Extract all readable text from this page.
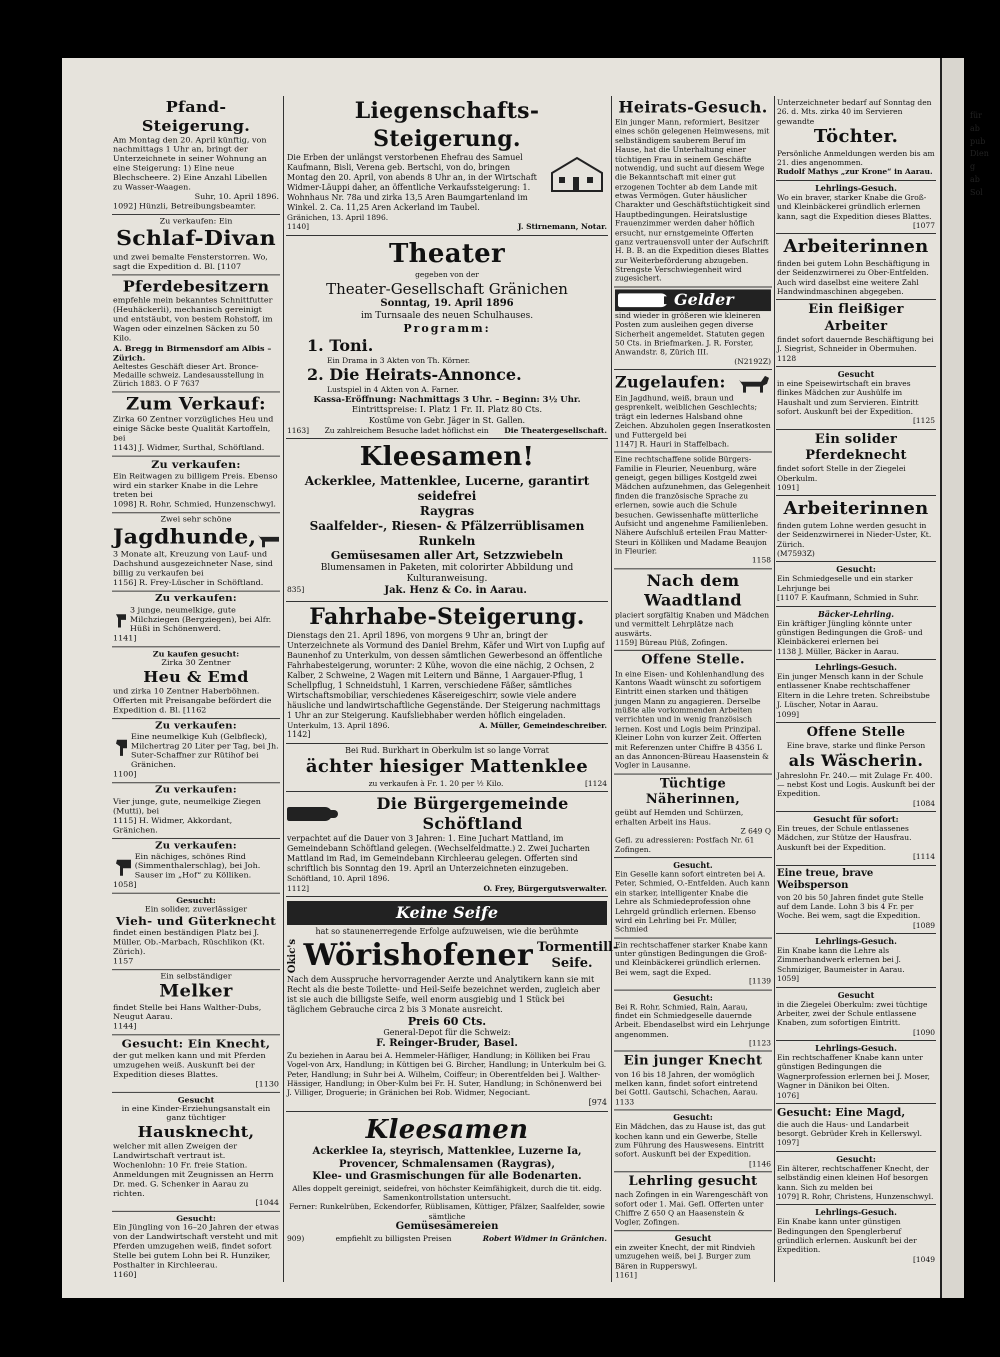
für
ab
pub
Dien
g
ab
Sol
Pfand-Steigerung.
Am Montag den 20. April künftig, von nachmittags 1 Uhr an, bringt der Unterzeichnete in seiner Wohnung an eine Steigerung: 1) Eine neue Blechscheere. 2) Eine Anzahl Libellen zu Wasser-Waagen.
Suhr, 10. April 1896.
1092] Hünzli, Betreibungsbeamter.
Zu verkaufen: Ein
Schlaf-Divan
und zwei bemalte Fensterstorren. Wo, sagt die Expedition d. Bl. [1107
Pferdebesitzern
empfehle mein bekanntes Schnittfutter (Heuhäckerli), mechanisch gereinigt und entstäubt, von bestem Rohstoff, im Wagen oder einzelnen Säcken zu 50 Kilo.
A. Bregg in Birmensdorf am Albis – Zürich.
Aeltestes Geschäft dieser Art. Bronce-Medaille schweiz. Landesausstellung in Zürich 1883. O F 7637
Zum Verkauf:
Zirka 60 Zentner vorzügliches Heu und einige Säcke beste Qualität Kartoffeln, bei
1143] J. Widmer, Surthal, Schöftland.
Zu verkaufen:
Ein Reitwagen zu billigem Preis. Ebenso wird ein starker Knabe in die Lehre treten bei
1098] R. Rohr, Schmied, Hunzenschwyl.
Zwei sehr schöne
Jagdhunde,
3 Monate alt, Kreuzung von Lauf- und Dachshund ausgezeichneter Nase, sind billig zu verkaufen bei
1156] R. Frey-Lüscher in Schöftland.
Zu verkaufen:
3 junge, neumelkige, gute Milchziegen (Bergziegen), bei Alfr. Hüßi in Schönenwerd.
1141]
Zu kaufen gesucht:
Zirka 30 Zentner
Heu & Emd
und zirka 10 Zentner Haberböhnen. Offerten mit Preisangabe befördert die Expedition d. Bl. [1162
Zu verkaufen:
Eine neumelkige Kuh (Gelbfleck), Milchertrag 20 Liter per Tag, bei Jh. Suter-Schaffner zur Rütihof bei Gränichen.
1100]
Zu verkaufen:
Vier junge, gute, neumelkige Ziegen (Mutti), bei
1115] H. Widmer, Akkordant, Gränichen.
Zu verkaufen:
Ein nächiges, schönes Rind (Simmenthalerschlag), bei Joh. Sauser im „Hof“ zu Kölliken.
1058]
Gesucht:
Ein solider, zuverlässiger
Vieh- und Güterknecht
findet einen beständigen Platz bei J. Müller, Ob.-Marbach, Rüschlikon (Kt. Zürich).
1157
Ein selbständiger
Melker
findet Stelle bei Hans Walther-Dubs, Neugut Aarau.
1144]
Gesucht: Ein Knecht,
der gut melken kann und mit Pferden umzugehen weiß. Auskunft bei der Expedition dieses Blattes.
[1130
Gesucht
in eine Kinder-Erziehungsanstalt ein ganz tüchtiger
Hausknecht,
welcher mit allen Zweigen der Landwirtschaft vertraut ist. Wochenlohn: 10 Fr. freie Station. Anmeldungen mit Zeugnissen an Herrn Dr. med. G. Schenker in Aarau zu richten.
[1044
Gesucht:
Ein Jüngling von 16–20 Jahren der etwas von der Landwirtschaft versteht und mit Pferden umzugehen weiß, findet sofort Stelle bei gutem Lohn bei R. Hunziker, Posthalter in Kirchleerau.
1160]
Liegenschafts-Steigerung.
Die Erben der unlängst verstorbenen Ehefrau des Samuel Kaufmann, Bisli, Verena geb. Bertschi, von do, bringen Montag den 20. April, von abends 8 Uhr an, in der Wirtschaft Widmer-Läuppi daher, an öffentliche Verkaufssteigerung: 1. Wohnhaus Nr. 78a und zirka 13,5 Aren Baumgartenland im Winkel. 2. Ca. 11,25 Aren Ackerland im Taubel.
Gränichen, 13. April 1896.
1140]	J. Stirnemann, Notar.
Theater
gegeben von der
Theater-Gesellschaft Gränichen
Sonntag, 19. April 1896
im Turnsaale des neuen Schulhauses.
Programm:
1. Toni.
Ein Drama in 3 Akten von Th. Körner.
2. Die Heirats-Annonce.
Lustspiel in 4 Akten von A. Farner.
Kassa-Eröffnung: Nachmittags 3 Uhr. – Beginn: 3½ Uhr.
Eintrittspreise: I. Platz 1 Fr. II. Platz 80 Cts.
Kostüme von Gebr. Jäger in St. Gallen.
1163] Zu zahlreichem Besuche ladet höflichst ein Die Theatergesellschaft.
Kleesamen!
Ackerklee, Mattenklee, Lucerne, garantirt seidefrei
Raygras
Saalfelder-, Riesen- & Pfälzerrüblisamen
Runkeln
Gemüsesamen aller Art, Setzzwiebeln
Blumensamen in Paketen, mit colorirter Abbildung und Kulturanweisung.
835]	Jak. Henz & Co. in Aarau.
Fahrhabe-Steigerung.
Dienstags den 21. April 1896, von morgens 9 Uhr an, bringt der Unterzeichnete als Vormund des Daniel Brehm, Käfer und Wirt von Lupfig auf Baunenhof zu Unterkulm, von dessen sämtlichen Gewerbesond an öffentliche Fahrhabesteigerung, worunter: 2 Kühe, wovon die eine nächig, 2 Ochsen, 2 Kalber, 2 Schweine, 2 Wagen mit Leitern und Bänne, 1 Aargauer-Pflug, 1 Schellpflug, 1 Schneidstuhl, 1 Karren, verschiedene Fäßer, sämtliches Wirtschaftsmobiliar, verschiedenes Käsereigeschirr, sowie viele andere häusliche und landwirtschaftliche Gegenstände. Der Steigerung nachmittags 1 Uhr an zur Steigerung. Kaufsliebhaber werden höflich eingeladen.
Unterkulm, 13. April 1896.	A. Müller, Gemeindeschreiber.
1142]
Bei Rud. Burkhart in Oberkulm ist so lange Vorrat
ächter hiesiger Mattenklee
zu verkaufen à Fr. 1. 20 per ½ Kilo.	[1124
Die Bürgergemeinde Schöftland
verpachtet auf die Dauer von 3 Jahren: 1. Eine Juchart Mattland, im Gemeindebann Schöftland gelegen. (Wechselfeldmatte.) 2. Zwei Jucharten Mattland im Rad, im Gemeindebann Kirchleerau gelegen. Offerten sind schriftlich bis Sonntag den 19. April an Unterzeichneten einzugeben.
Schöftland, 10. April 1896.
1112]	O. Frey, Bürgergutsverwalter.
Keine Seife
hat so staunenerregende Erfolge aufzuweisen, wie die berühmte
Okic's Wörishofener Tormentill-Seife.
Nach dem Ausspruche hervorragender Aerzte und Analytikern kann sie mit Recht als die beste Toilette- und Heil-Seife bezeichnet werden, zugleich aber ist sie auch die billigste Seife, weil enorm ausgiebig und 1 Stück bei täglichem Gebrauche circa 2 bis 3 Monate ausreicht.
Preis 60 Cts.
General-Depot für die Schweiz:
F. Reinger-Bruder, Basel.
Zu beziehen in Aarau bei A. Hemmeler-Häfliger, Handlung; in Kölliken bei Frau Vogel-von Arx, Handlung; in Küttigen bei G. Bircher, Handlung; in Unterkulm bei G. Peter, Handlung; in Suhr bei A. Wilhelm, Coiffeur; in Oberentfelden bei J. Walther-Hässiger, Handlung; in Ober-Kulm bei Fr. H. Suter, Handlung; in Schönenwerd bei J. Villiger, Droguerie; in Gränichen bei Rob. Widmer, Negociant.
[974
Kleesamen
Ackerklee Ia, steyrisch, Mattenklee, Luzerne Ia,
Provencer, Schmalensamen (Raygras),
Klee- und Grasmischungen für alle Bodenarten.
Alles doppelt gereinigt, seidefrei, von höchster Keimfähigkeit, durch die tit. eidg. Samenkontrollstation untersucht.
Ferner: Runkelrüben, Eckendorfer, Rüblisamen, Küttiger, Pfälzer, Saalfelder, sowie sämtliche
Gemüsesämereien
909)	empfiehlt zu billigsten Preisen	Robert Widmer in Gränichen.
Heirats-Gesuch.
Ein junger Mann, reformiert, Besitzer eines schön gelegenen Heimwesens, mit selbständigem sauberem Beruf im Hause, hat die Unterhaltung einer tüchtigen Frau in seinem Geschäfte notwendig, und sucht auf diesem Wege die Bekanntschaft mit einer gut erzogenen Tochter ab dem Lande mit etwas Vermögen. Guter häuslicher Charakter und Geschäftstüchtigkeit sind Hauptbedingungen. Heiratslustige Frauenzimmer werden daher höflich ersucht, nur ernstgemeinte Offerten ganz vertrauensvoll unter der Aufschrift H. B. B. an die Expedition dieses Blattes zur Weiterbeförderung abzugeben. Strengste Verschwiegenheit wird zugesichert.
Gelder
sind wieder in größeren wie kleineren Posten zum ausleihen gegen diverse Sicherheit angemeldet. Statuten gegen 50 Cts. in Briefmarken. J. R. Forster, Anwandstr. 8, Zürich III.
(N2192Z)
Zugelaufen:
Ein Jagdhund, weiß, braun und gesprenkelt, weiblichen Geschlechts; trägt ein ledernes Halsband ohne Zeichen. Abzuholen gegen Inseratkosten und Futtergeld bei
1147] R. Hauri in Staffelbach.
Eine rechtschaffene solide Bürgers-Familie in Fleurier, Neuenburg, wäre geneigt, gegen billiges Kostgeld zwei Mädchen aufzunehmen, das Gelegenheit finden die französische Sprache zu erlernen, sowie auch die Schule besuchen. Gewissenhafte mütterliche Aufsicht und angenehme Familienleben. Nähere Aufschluß erteilen Frau Matter-Steuri in Kölliken und Madame Beaujon in Fleurier.
1158
Nach dem Waadtland
placiert sorgfältig Knaben und Mädchen und vermittelt Lehrplätze nach auswärts.
1159] Büreau Plüß, Zofingen.
Offene Stelle.
In eine Eisen- und Kohlenhandlung des Kantons Waadt wünscht zu sofortigem Eintritt einen starken und thätigen jungen Mann zu angagieren. Derselbe müßte alle vorkommenden Arbeiten verrichten und in wenig französisch lernen. Kost und Logis beim Prinzipal. Kleiner Lohn von kurzer Zeit. Offerten mit Referenzen unter Chiffre B 4356 L an das Annoncen-Büreau Haasenstein & Vogler in Lausanne.
Tüchtige Näherinnen,
geübt auf Hemden und Schürzen, erhalten Arbeit ins Haus.
Z 649 Q
Gefl. zu adressieren: Postfach Nr. 61 Zofingen.
Gesucht.
Ein Geselle kann sofort eintreten bei A. Peter, Schmied, O.-Entfelden. Auch kann ein starker, intelligenter Knabe die Lehre als Schmiedeprofession ohne Lehrgeld gründlich erlernen. Ebenso wird ein Lehrling bei Fr. Müller, Schmied
Ein rechtschaffener starker Knabe kann unter günstigen Bedingungen die Groß- und Kleinbäckerei gründlich erlernen. Bei wem, sagt die Exped.
[1139
Gesucht:
Bei R. Rohr, Schmied, Rain, Aarau, findet ein Schmiedgeselle dauernde Arbeit. Ebendaselbst wird ein Lehrjunge angenommen.
[1123
Ein junger Knecht
von 16 bis 18 Jahren, der womöglich melken kann, findet sofort eintretend bei Gottl. Gautschi, Schachen, Aarau.
1133
Gesucht:
Ein Mädchen, das zu Hause ist, das gut kochen kann und ein Gewerbe, Stelle zum Führung des Hauswesens. Eintritt sofort. Auskunft bei der Expedition.
[1146
Lehrling gesucht
nach Zofingen in ein Warengeschäft von sofort oder 1. Mai. Gefl. Offerten unter Chiffre Z 650 Q an Haasenstein & Vogler, Zofingen.
Gesucht
ein zweiter Knecht, der mit Rindvieh umzugehen weiß, bei J. Burger zum Bären in Rupperswyl.
1161]
Unterzeichneter bedarf auf Sonntag den 26. d. Mts. zirka 40 im Servieren gewandte
Töchter.
Persönliche Anmeldungen werden bis am 21. dies angenommen.
Rudolf Mathys „zur Krone“ in Aarau.
Lehrlings-Gesuch.
Wo ein braver, starker Knabe die Groß- und Kleinbäckerei gründlich erlernen kann, sagt die Expedition dieses Blattes.
[1077
Arbeiterinnen
finden bei gutem Lohn Beschäftigung in der Seidenzwirnerei zu Ober-Entfelden. Auch wird daselbst eine weitere Zahl Handwindmaschinen abgegeben.
Ein fleißiger Arbeiter
findet sofort dauernde Beschäftigung bei J. Siegrist, Schneider in Obermuhen.
1128
Gesucht
in eine Speisewirtschaft ein braves flinkes Mädchen zur Aushülfe im Haushalt und zum Servieren. Eintritt sofort. Auskunft bei der Expedition.
[1125
Ein solider Pferdeknecht
findet sofort Stelle in der Ziegelei Oberkulm.
1091]
Arbeiterinnen
finden gutem Lohne werden gesucht in der Seidenzwirnerei in Nieder-Uster, Kt. Zürich.
(M7593Z)
Gesucht:
Ein Schmiedgeselle und ein starker Lehrjunge bei
[1107 F. Kaufmann, Schmied in Suhr.
Bäcker-Lehrling.
Ein kräftiger Jüngling könnte unter günstigen Bedingungen die Groß- und Kleinbäckerei erlernen bei
1138 J. Müller, Bäcker in Aarau.
Lehrlings-Gesuch.
Ein junger Mensch kann in der Schule entlassener Knabe rechtschaffener Eltern in die Lehre treten. Schreibstube J. Lüscher, Notar in Aarau.
1099]
Offene Stelle
Eine brave, starke und flinke Person
als Wäscherin.
Jahreslohn Fr. 240.— mit Zulage Fr. 400.— nebst Kost und Logis. Auskunft bei der Expedition.
[1084
Gesucht für sofort:
Ein treues, der Schule entlassenes Mädchen, zur Stütze der Hausfrau. Auskunft bei der Expedition.
[1114
Eine treue, brave Weibsperson
von 20 bis 50 Jahren findet gute Stelle auf dem Lande. Lohn 3 bis 4 Fr. per Woche. Bei wem, sagt die Expedition.
[1089
Lehrlings-Gesuch.
Ein Knabe kann die Lehre als Zimmerhandwerk erlernen bei J. Schmiziger, Baumeister in Aarau.
1059]
Gesucht
in die Ziegelei Oberkulm: zwei tüchtige Arbeiter, zwei der Schule entlassene Knaben, zum sofortigen Eintritt.
[1090
Lehrlings-Gesuch.
Ein rechtschaffener Knabe kann unter günstigen Bedingungen die Wagnerprofession erlernen bei J. Moser, Wagner in Dänikon bei Olten.
1076]
Gesucht: Eine Magd,
die auch die Haus- und Landarbeit besorgt. Gebrüder Kreh in Kellerswyl.
1097]
Gesucht:
Ein älterer, rechtschaffener Knecht, der selbständig einen kleinen Hof besorgen kann. Sich zu melden bei
1079] R. Rohr, Christens, Hunzenschwyl.
Lehrlings-Gesuch.
Ein Knabe kann unter günstigen Bedingungen den Spenglerberuf gründlich erlernen. Auskunft bei der Expedition.
[1049
